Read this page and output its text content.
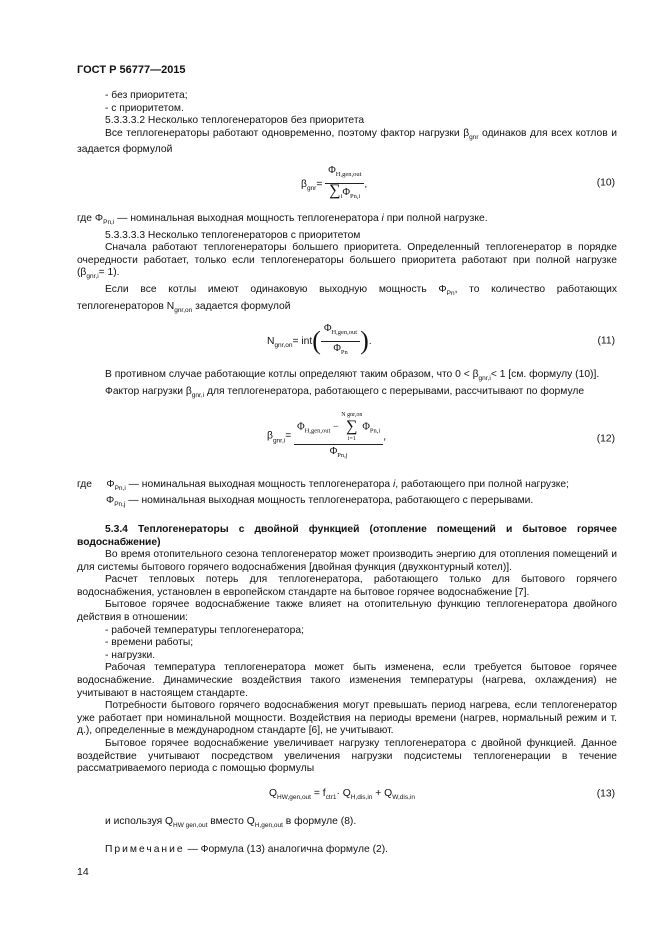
ГОСТ Р 56777—2015
- без приоритета;
- с приоритетом.
5.3.3.3.2 Несколько теплогенераторов без приоритета
Все теплогенераторы работают одновременно, поэтому фактор нагрузки $\beta_{gnr}$ одинаков для всех котлов и задается формулой
$\beta_{gnr}= \frac{\Phi_{H,gen,out}}{\sum_i\Phi_{Pn,i}}$ ,	(10)
где $\Phi_{Pn,i}$ — номинальная выходная мощность теплогенератора i при полной нагрузке.
5.3.3.3.3 Несколько теплогенераторов с приоритетом
Сначала работают теплогенераторы большего приоритета. Определенный теплогенератор в порядке очередности работает, только если теплогенераторы большего приоритета работают при полной нагрузке $(\beta_{gnr,i}= 1)$.
Если все котлы имеют одинаковую выходную мощность $\Phi_{Pn}$, то количество работающих теплогенераторов $N_{gnr,on}$ задается формулой
$N_{gnr,on}= int( \frac{\Phi_{H,gen,out}}{\Phi_{Pn}}$ ).	(11)
В противном случае работающие котлы определяют таким образом, что $0 < \beta_{gnr,i}< 1$ [см. формулу (10)].
Фактор нагрузки $\beta_{gnr,i}$ для теплогенератора, работающего с перерывами, рассчитывают по формуле
$\beta_{gnr,i}=$
$\Phi_{H,gen,out}$ −
N gnr,on
∑
i=1
$\Phi_{Pn,i}$
$\Phi_{Pn,j}$
,	(12)
где $\Phi_{Pn,i}$ — номинальная выходная мощность теплогенератора i, работающего при полной нагрузке;
$\Phi_{Pn,j}$ — номинальная выходная мощность теплогенератора, работающего с перерывами.
5.3.4 Теплогенераторы с двойной функцией (отопление помещений и бытовое горячее водоснабжение)
Во время отопительного сезона теплогенератор может производить энергию для отопления помещений и для системы бытового горячего водоснабжения [двойная функция (двухконтурный котел)].
Расчет тепловых потерь для теплогенератора, работающего только для бытового горячего водоснабжения, установлен в европейском стандарте на бытовое горячее водоснабжение [7].
Бытовое горячее водоснабжение также влияет на отопительную функцию теплогенератора двойного действия в отношении:
- рабочей температуры теплогенератора;
- времени работы;
- нагрузки.
Рабочая температура теплогенератора может быть изменена, если требуется бытовое горячее водоснабжение. Динамические воздействия такого изменения температуры (нагрева, охлаждения) не учитывают в настоящем стандарте.
Потребности бытового горячего водоснабжения могут превышать период нагрева, если теплогенератор уже работает при номинальной мощности. Воздействия на периоды времени (нагрев, нормальный режим и т. д.), определенные в международном стандарте [6], не учитывают.
Бытовое горячее водоснабжение увеличивает нагрузку теплогенератора с двойной функцией. Данное воздействие учитывают посредством увеличения нагрузки подсистемы теплогенерации в течение рассматриваемого периода с помощью формулы
$Q_{HW,gen,out} = f_{ctr1}\cdot Q_{H,dis,in} + Q_{W,dis,in}$	(13)
и используя $Q_{HW gen,out}$ вместо $Q_{H,gen,out}$ в формуле (8).
Примечание — Формула (13) аналогична формуле (2).
14
